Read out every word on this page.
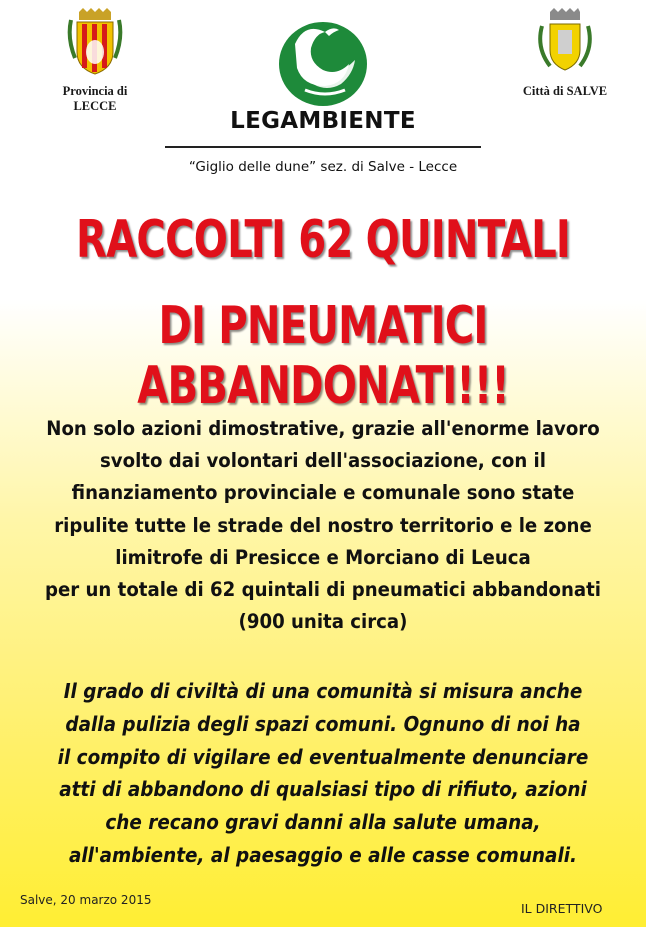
Provincia di LECCE
LEGAMBIENTE
“Giglio delle dune” sez. di Salve - Lecce
Città di SALVE
RACCOLTI 62 QUINTALI
DI PNEUMATICI ABBANDONATI!!!
Non solo azioni dimostrative, grazie all'enorme lavoro
svolto dai volontari dell'associazione, con il
finanziamento provinciale e comunale sono state
ripulite tutte le strade del nostro territorio e le zone
limitrofe di Presicce e Morciano di Leuca
per un totale di 62 quintali di pneumatici abbandonati
(900 unita circa)
Il grado di civiltà di una comunità si misura anche
dalla pulizia degli spazi comuni. Ognuno di noi ha
il compito di vigilare ed eventualmente denunciare
atti di abbandono di qualsiasi tipo di rifiuto, azioni
che recano gravi danni alla salute umana,
all'ambiente, al paesaggio e alle casse comunali.
Salve, 20 marzo 2015
IL DIRETTIVO
